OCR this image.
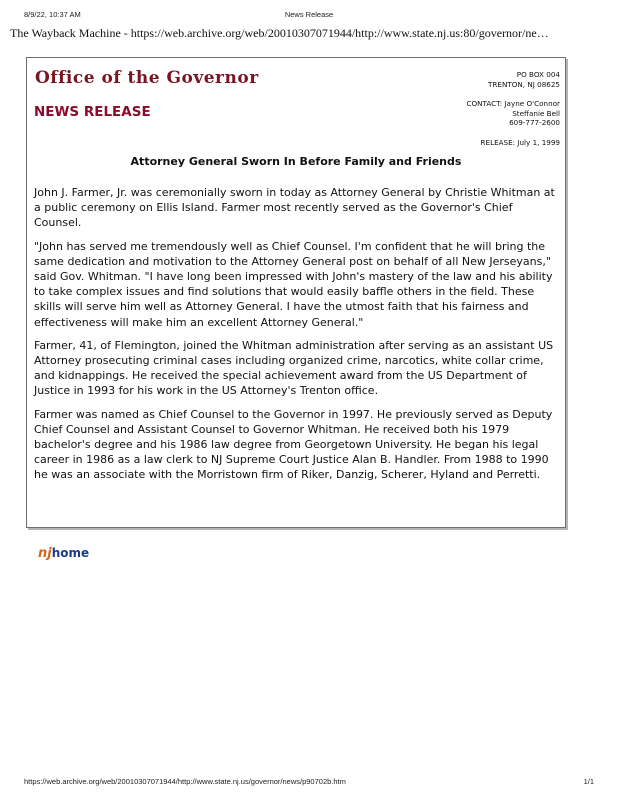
8/9/22, 10:37 AM	News Release
The Wayback Machine - https://web.archive.org/web/20010307071944/http://www.state.nj.us:80/governor/ne…
Office of the Governor
NEWS RELEASE
PO BOX 004
TRENTON, NJ 08625
CONTACT: Jayne O'Connor
Steffanie Bell
609-777-2600
RELEASE: July 1, 1999
Attorney General Sworn In Before Family and Friends

John J. Farmer, Jr. was ceremonially sworn in today as Attorney General by Christie Whitman at a public ceremony on Ellis Island. Farmer most recently served as the Governor's Chief Counsel.

"John has served me tremendously well as Chief Counsel. I'm confident that he will bring the same dedication and motivation to the Attorney General post on behalf of all New Jerseyans," said Gov. Whitman. "I have long been impressed with John's mastery of the law and his ability to take complex issues and find solutions that would easily baffle others in the field. These skills will serve him well as Attorney General. I have the utmost faith that his fairness and effectiveness will make him an excellent Attorney General."

Farmer, 41, of Flemington, joined the Whitman administration after serving as an assistant US Attorney prosecuting criminal cases including organized crime, narcotics, white collar crime, and kidnappings. He received the special achievement award from the US Department of Justice in 1993 for his work in the US Attorney's Trenton office.

Farmer was named as Chief Counsel to the Governor in 1997. He previously served as Deputy Chief Counsel and Assistant Counsel to Governor Whitman. He received both his 1979 bachelor's degree and his 1986 law degree from Georgetown University. He began his legal career in 1986 as a law clerk to NJ Supreme Court Justice Alan B. Handler. From 1988 to 1990 he was an associate with the Morristown firm of Riker, Danzig, Scherer, Hyland and Perretti.

nj home
https://web.archive.org/web/20010307071944/http://www.state.nj.us/governor/news/p90702b.htm	1/1
